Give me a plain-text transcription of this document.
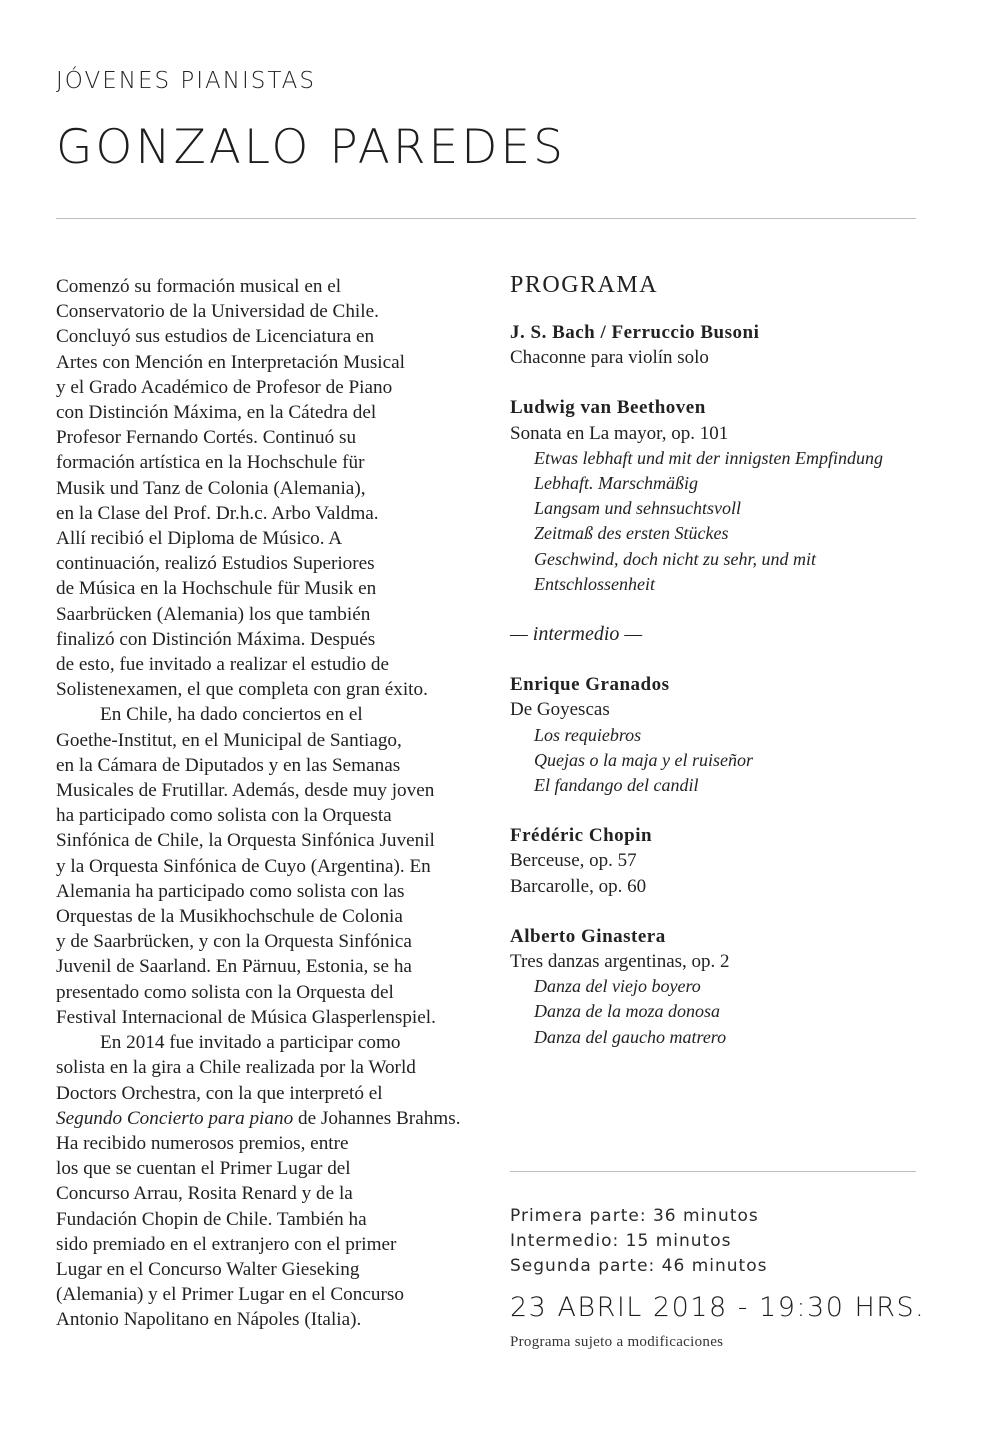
JÓVENES PIANISTAS
GONZALO PAREDES

Comenzó su formación musical en el
Conservatorio de la Universidad de Chile.
Concluyó sus estudios de Licenciatura en
Artes con Mención en Interpretación Musical
y el Grado Académico de Profesor de Piano
con Distinción Máxima, en la Cátedra del
Profesor Fernando Cortés. Continuó su
formación artística en la Hochschule für
Musik und Tanz de Colonia (Alemania),
en la Clase del Prof. Dr.h.c. Arbo Valdma.
Allí recibió el Diploma de Músico. A
continuación, realizó Estudios Superiores
de Música en la Hochschule für Musik en
Saarbrücken (Alemania) los que también
finalizó con Distinción Máxima. Después
de esto, fue invitado a realizar el estudio de
Solistenexamen, el que completa con gran éxito.

En Chile, ha dado conciertos en el
Goethe-Institut, en el Municipal de Santiago,
en la Cámara de Diputados y en las Semanas
Musicales de Frutillar. Además, desde muy joven
ha participado como solista con la Orquesta
Sinfónica de Chile, la Orquesta Sinfónica Juvenil
y la Orquesta Sinfónica de Cuyo (Argentina). En
Alemania ha participado como solista con las
Orquestas de la Musikhochschule de Colonia
y de Saarbrücken, y con la Orquesta Sinfónica
Juvenil de Saarland. En Pärnuu, Estonia, se ha
presentado como solista con la Orquesta del
Festival Internacional de Música Glasperlenspiel.

En 2014 fue invitado a participar como
solista en la gira a Chile realizada por la World
Doctors Orchestra, con la que interpretó el
Segundo Concierto para piano de Johannes Brahms.
Ha recibido numerosos premios, entre
los que se cuentan el Primer Lugar del
Concurso Arrau, Rosita Renard y de la
Fundación Chopin de Chile. También ha
sido premiado en el extranjero con el primer
Lugar en el Concurso Walter Gieseking
(Alemania) y el Primer Lugar en el Concurso
Antonio Napolitano en Nápoles (Italia).

PROGRAMA
J. S. Bach / Ferruccio Busoni
Chaconne para violín solo
Ludwig van Beethoven
Sonata en La mayor, op. 101
Etwas lebhaft und mit der innigsten Empfindung
Lebhaft. Marschmäßig
Langsam und sehnsuchtsvoll
Zeitmaß des ersten Stückes
Geschwind, doch nicht zu sehr, und mit
Entschlossenheit
— intermedio —
Enrique Granados
De Goyescas
Los requiebros
Quejas o la maja y el ruiseñor
El fandango del candil
Frédéric Chopin
Berceuse, op. 57
Barcarolle, op. 60
Alberto Ginastera
Tres danzas argentinas, op. 2
Danza del viejo boyero
Danza de la moza donosa
Danza del gaucho matrero
Primera parte: 36 minutos
Intermedio: 15 minutos
Segunda parte: 46 minutos
23 ABRIL 2018 - 19:30 HRS.
Programa sujeto a modificaciones
